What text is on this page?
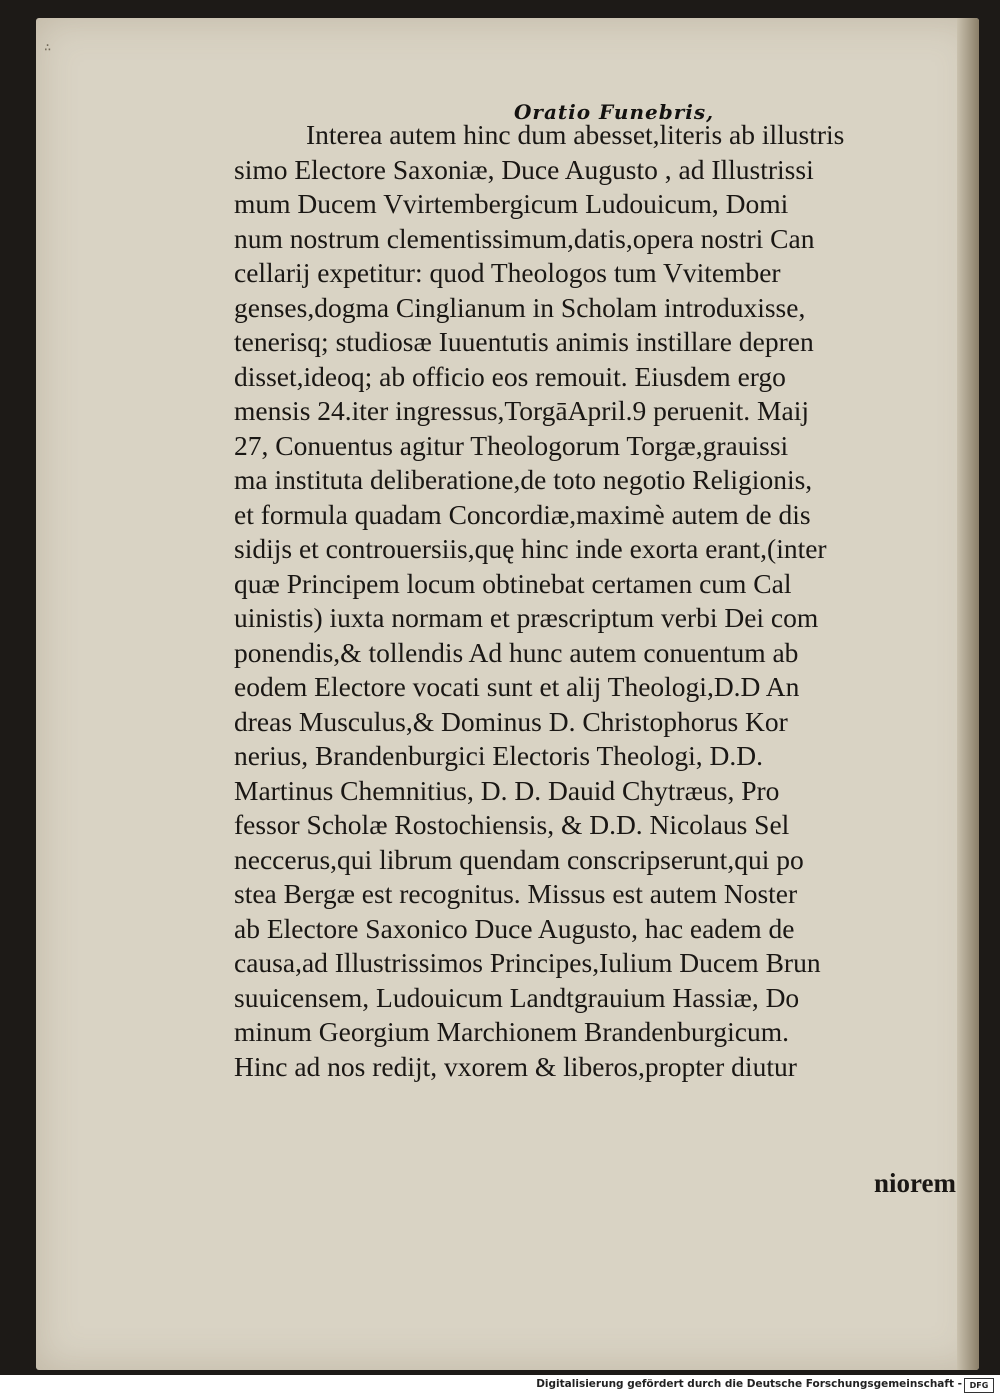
∴
Oratio Funebris,
Interea autem hinc dum abesset,literis ab illustris
simo Electore Saxoniæ, Duce Augusto , ad Illustrissi
mum Ducem Vvirtembergicum Ludouicum, Domi
num nostrum clementissimum,datis,opera nostri Can
cellarij expetitur: quod Theologos tum Vvitember
genses,dogma Cinglianum in Scholam introduxisse,
tenerisq; studiosæ Iuuentutis animis instillare depren
disset,ideoq; ab officio eos remouit. Eiusdem ergo
mensis 24.iter ingressus,TorgāApril.9 peruenit. Maij
27, Conuentus agitur Theologorum Torgæ,grauissi
ma instituta deliberatione,de toto negotio Religionis,
et formula quadam Concordiæ,maximè autem de dis
sidijs et controuersiis,quę hinc inde exorta erant,(inter
quæ Principem locum obtinebat certamen cum Cal
uinistis) iuxta normam et præscriptum verbi Dei com
ponendis,& tollendis Ad hunc autem conuentum ab
eodem Electore vocati sunt et alij Theologi,D.D An
dreas Musculus,& Dominus D. Christophorus Kor
nerius, Brandenburgici Electoris Theologi, D.D.
Martinus Chemnitius, D. D. Dauid Chytræus, Pro
fessor Scholæ Rostochiensis, & D.D. Nicolaus Sel
neccerus,qui librum quendam conscripserunt,qui po
stea Bergæ est recognitus. Missus est autem Noster
ab Electore Saxonico Duce Augusto, hac eadem de
causa,ad Illustrissimos Principes,Iulium Ducem Brun
suuicensem, Ludouicum Landtgrauium Hassiæ, Do
minum Georgium Marchionem Brandenburgicum.
Hinc ad nos redijt, vxorem & liberos,propter diutur
niorem
Digitalisierung gefördert durch die Deutsche Forschungsgemeinschaft - DFG
